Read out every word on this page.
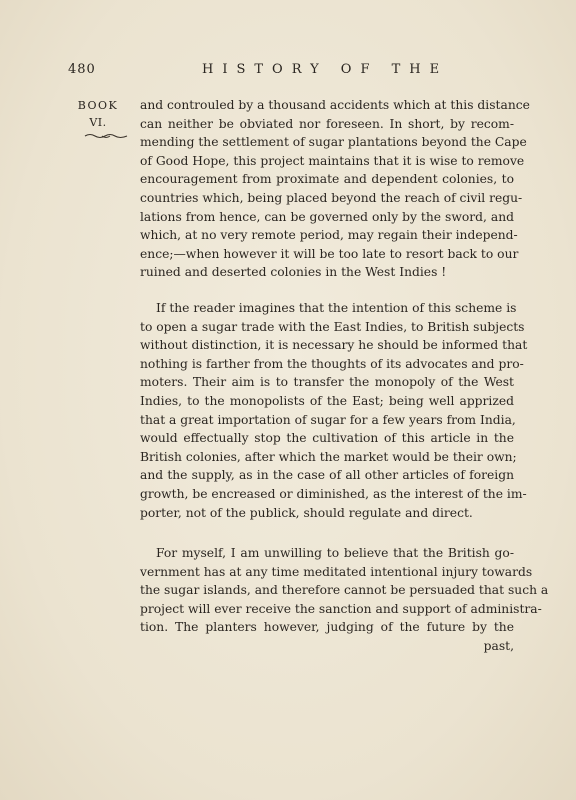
480	HISTORY OF THE
BOOK
VI.
and controuled by a thousand accidents which at this distance
can neither be obviated nor foreseen. In short, by recom-
mending the settlement of sugar plantations beyond the Cape
of Good Hope, this project maintains that it is wise to remove
encouragement from proximate and dependent colonies, to
countries which, being placed beyond the reach of civil regu-
lations from hence, can be governed only by the sword, and
which, at no very remote period, may regain their independ-
ence;—when however it will be too late to resort back to our
ruined and deserted colonies in the West Indies !
If the reader imagines that the intention of this scheme is
to open a sugar trade with the East Indies, to British subjects
without distinction, it is necessary he should be informed that
nothing is farther from the thoughts of its advocates and pro-
moters. Their aim is to transfer the monopoly of the West
Indies, to the monopolists of the East; being well apprized
that a great importation of sugar for a few years from India,
would effectually stop the cultivation of this article in the
British colonies, after which the market would be their own;
and the supply, as in the case of all other articles of foreign
growth, be encreased or diminished, as the interest of the im-
porter, not of the publick, should regulate and direct.
For myself, I am unwilling to believe that the British go-
vernment has at any time meditated intentional injury towards
the sugar islands, and therefore cannot be persuaded that such a
project will ever receive the sanction and support of administra-
tion. The planters however, judging of the future by the
past,
